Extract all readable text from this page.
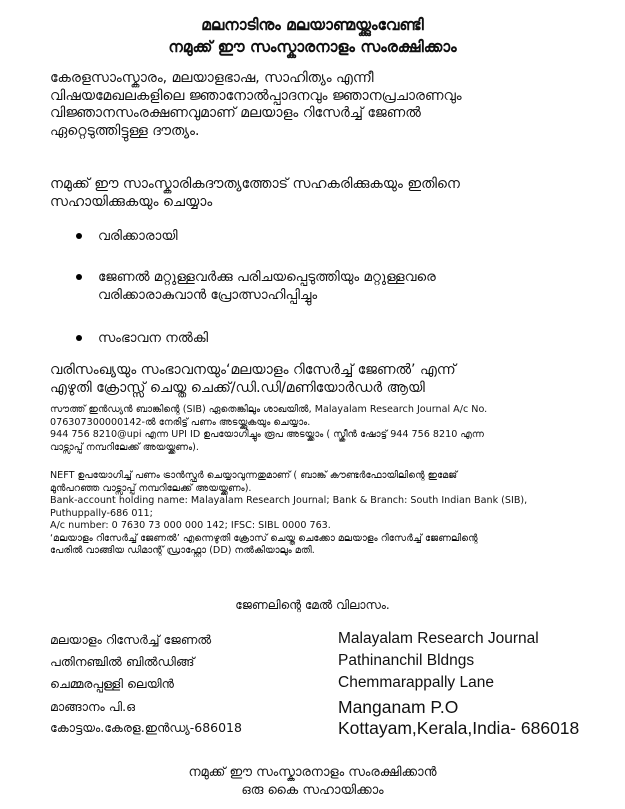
മലനാടിനും മലയാണ്മയ്ക്കുംവേണ്ടി
നമുക്ക് ഈ സംസ്കാരനാളം സംരക്ഷിക്കാം
കേരളസാംസ്കാരം, മലയാളഭാഷ, സാഹിത്യം എന്നീ
വിഷയമേഖലകളിലെ ജ്ഞാനോൽപ്പാദനവും ജ്ഞാനപ്രചാരണവും
വിജ്ഞാനസംരക്ഷണവുമാണ് മലയാളം റിസേർച്ച് ജേണൽ
ഏറ്റെടുത്തിട്ടുള്ള ദൗത്യം.
നമുക്ക് ഈ സാംസ്കാരികദൗത്യത്തോട് സഹകരിക്കുകയും ഇതിനെ
സഹായിക്കുകയും ചെയ്യാം
വരിക്കാരായി
ജേണൽ മറ്റുള്ളവർക്കു പരിചയപ്പെടുത്തിയും മറ്റുള്ളവരെ
വരിക്കാരാകുവാൻ പ്രോത്സാഹിപ്പിച്ചും
സംഭാവന നൽകി
വരിസംഖ്യയും സംഭാവനയും‘മലയാളം റിസേർച്ച് ജേണൽ’ എന്ന്
എഴുതി ക്രോസ്സ് ചെയ്ത ചെക്ക്/ഡി.ഡി/മണിയോർഡർ ആയി
സൗത്ത് ഇൻഡ്യൻ ബാങ്കിന്റെ (SIB) ഏതെങ്കിലും ശാഖയിൽ, Malayalam Research Journal A/c No.
076307300000142-ൽ നേരിട്ട് പണം അടയ്ക്കുകയും ചെയ്യാം.
944 756 8210@upi എന്ന UPI ID ഉപയോഗിച്ചും രൂപ അടയ്ക്കാം ( സ്ക്രീൻ ഷോട്ട് 944 756 8210 എന്ന
വാട്സാപ്പ് നമ്പറിലേക്ക് അയയ്ക്കണം).
NEFT ഉപയോഗിച്ച് പണം ട്രാൻസ്ഫർ ചെയ്യാവുന്നതുമാണ് ( ബാങ്ക് കൗണ്ടർഫോയിലിന്റെ ഇമേജ്
മുൻപറഞ്ഞ വാട്സാപ്പ് നമ്പറിലേക്ക് അയയ്ക്കണം).
Bank-account holding name: Malayalam Research Journal; Bank & Branch: South Indian Bank (SIB),
Puthuppally-686 011;
A/c number: 0 7630 73 000 000 142; IFSC: SIBL 0000 763.
‘മലയാളം റിസേർച്ച് ജേണൽ’ എന്നെഴുതി ക്രോസ് ചെയ്ത ചെക്കോ മലയാളം റിസേർച്ച് ജേണലിന്റെ
പേരിൽ വാങ്ങിയ ഡിമാന്റ് ഡ്രാഫ്റ്റോ (DD) നൽകിയാലും മതി.
ജേണലിന്റെ മേൽ വിലാസം.
മലയാളം റിസേർച്ച് ജേണൽ	Malayalam Research Journal
പതിനഞ്ചിൽ ബിൽഡിങ്ങ്	Pathinanchil Bldngs
ചെമ്മരപ്പള്ളി ലെയിൻ	Chemmarappally Lane
മാങ്ങാനം പി.ഒ	Manganam P.O
കോട്ടയം.കേരള.ഇൻഡ്യ-686018	Kottayam,Kerala,India- 686018
നമുക്ക് ഈ സംസ്കാരനാളം സംരക്ഷിക്കാൻ
ഒരു കൈ സഹായിക്കാം
